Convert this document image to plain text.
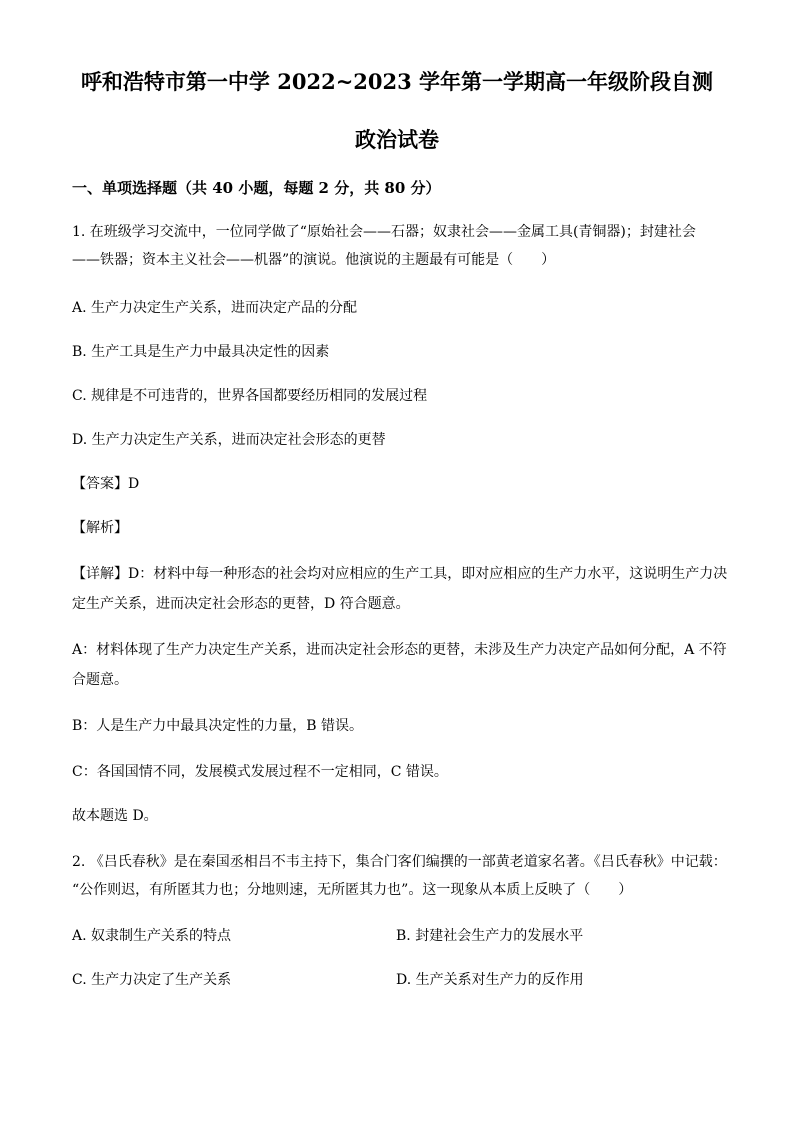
呼和浩特市第一中学 2022~2023 学年第一学期高一年级阶段自测
政治试卷
一、单项选择题（共 40 小题，每题 2 分，共 80 分）
1. 在班级学习交流中，一位同学做了“原始社会——石器；奴隶社会——金属工具(青铜器)；封建社会
——铁器；资本主义社会——机器”的演说。他演说的主题最有可能是（　　）
A. 生产力决定生产关系，进而决定产品的分配
B. 生产工具是生产力中最具决定性的因素
C. 规律是不可违背的，世界各国都要经历相同的发展过程
D. 生产力决定生产关系，进而决定社会形态的更替
【答案】D
【解析】
【详解】D：材料中每一种形态的社会均对应相应的生产工具，即对应相应的生产力水平，这说明生产力决
定生产关系，进而决定社会形态的更替，D 符合题意。
A：材料体现了生产力决定生产关系，进而决定社会形态的更替，未涉及生产力决定产品如何分配，A 不符
合题意。
B：人是生产力中最具决定性的力量，B 错误。
C：各国国情不同，发展模式发展过程不一定相同，C 错误。
故本题选 D。
2. 《吕氏春秋》是在秦国丞相吕不韦主持下，集合门客们编撰的一部黄老道家名著。《吕氏春秋》中记载：
“公作则迟，有所匿其力也；分地则速，无所匿其力也”。这一现象从本质上反映了（　　）
A. 奴隶制生产关系的特点	B. 封建社会生产力的发展水平
C. 生产力决定了生产关系	D. 生产关系对生产力的反作用
